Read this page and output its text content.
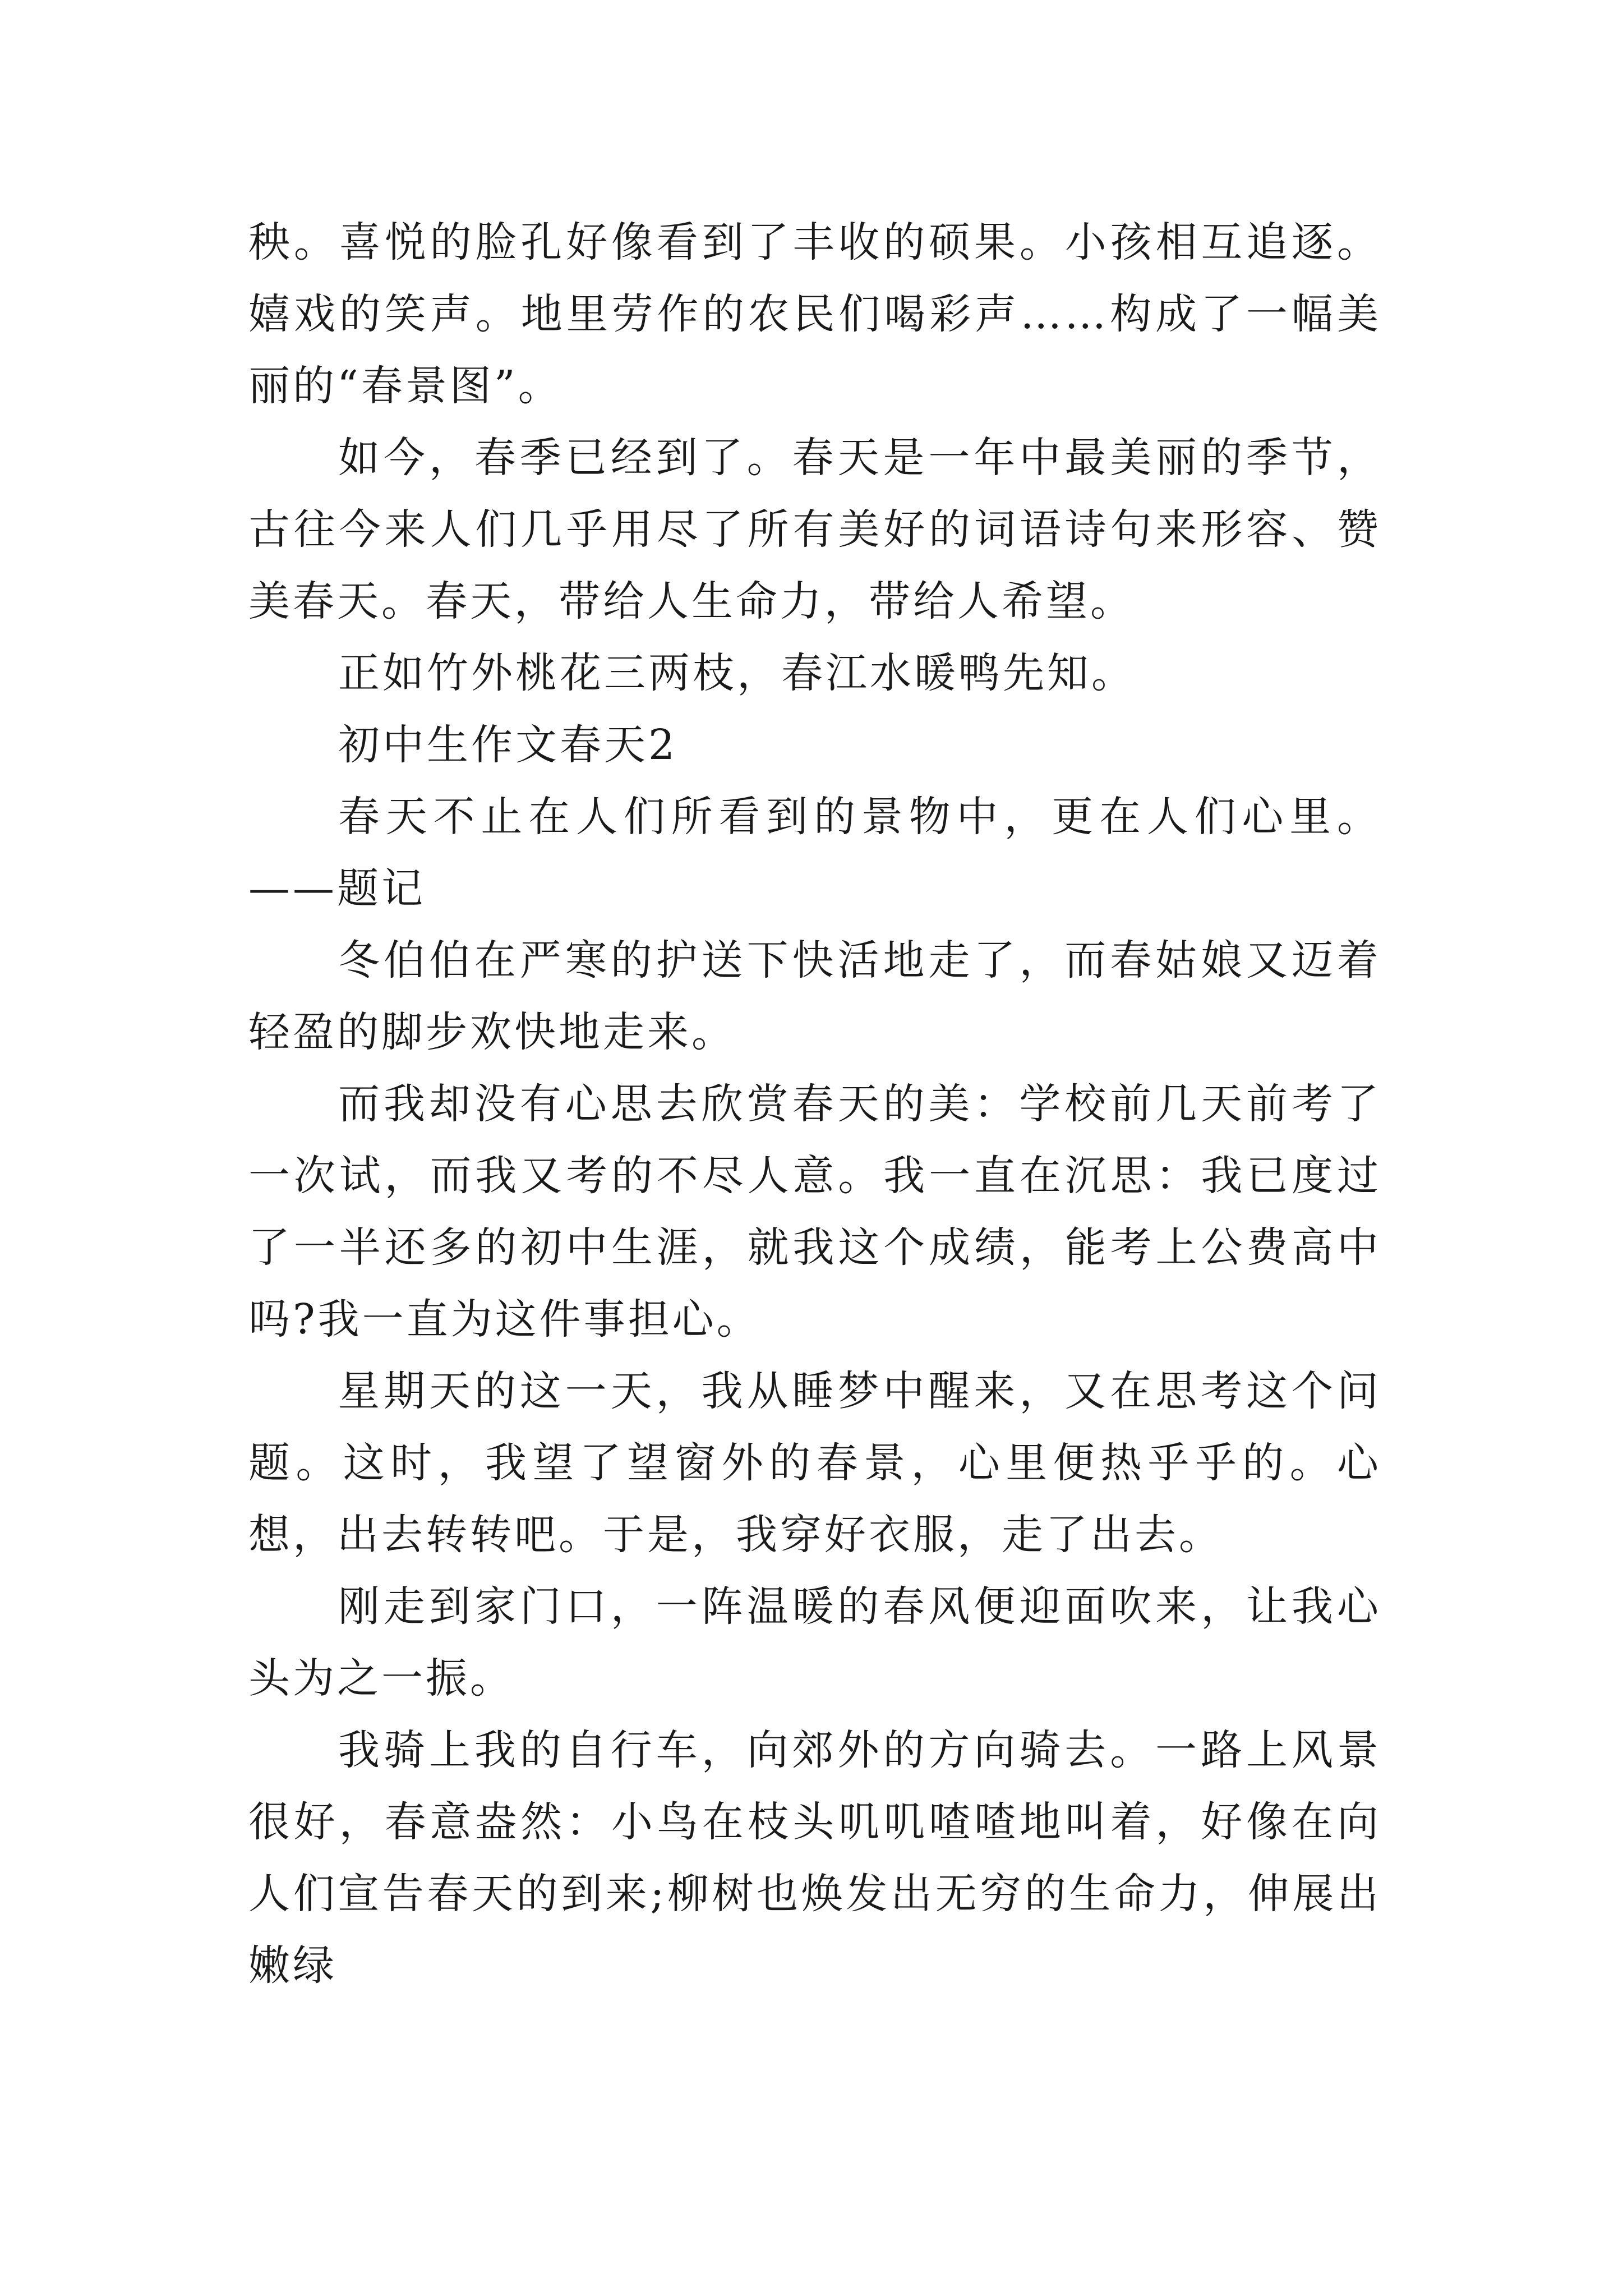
秧。喜悦的脸孔好像看到了丰收的硕果。小孩相互追逐。嬉戏的笑声。地里劳作的农民们喝彩声……构成了一幅美丽的“春景图”。

如今，春季已经到了。春天是一年中最美丽的季节，古往今来人们几乎用尽了所有美好的词语诗句来形容、赞美春天。春天，带给人生命力，带给人希望。

正如竹外桃花三两枝，春江水暖鸭先知。

初中生作文春天2

春天不止在人们所看到的景物中，更在人们心里。——题记

冬伯伯在严寒的护送下快活地走了，而春姑娘又迈着轻盈的脚步欢快地走来。

而我却没有心思去欣赏春天的美：学校前几天前考了一次试，而我又考的不尽人意。我一直在沉思：我已度过了一半还多的初中生涯，就我这个成绩，能考上公费高中吗?我一直为这件事担心。

星期天的这一天，我从睡梦中醒来，又在思考这个问题。这时，我望了望窗外的春景，心里便热乎乎的。心想，出去转转吧。于是，我穿好衣服，走了出去。

刚走到家门口，一阵温暖的春风便迎面吹来，让我心头为之一振。

我骑上我的自行车，向郊外的方向骑去。一路上风景很好，春意盎然：小鸟在枝头叽叽喳喳地叫着，好像在向人们宣告春天的到来;柳树也焕发出无穷的生命力，伸展出嫩绿
